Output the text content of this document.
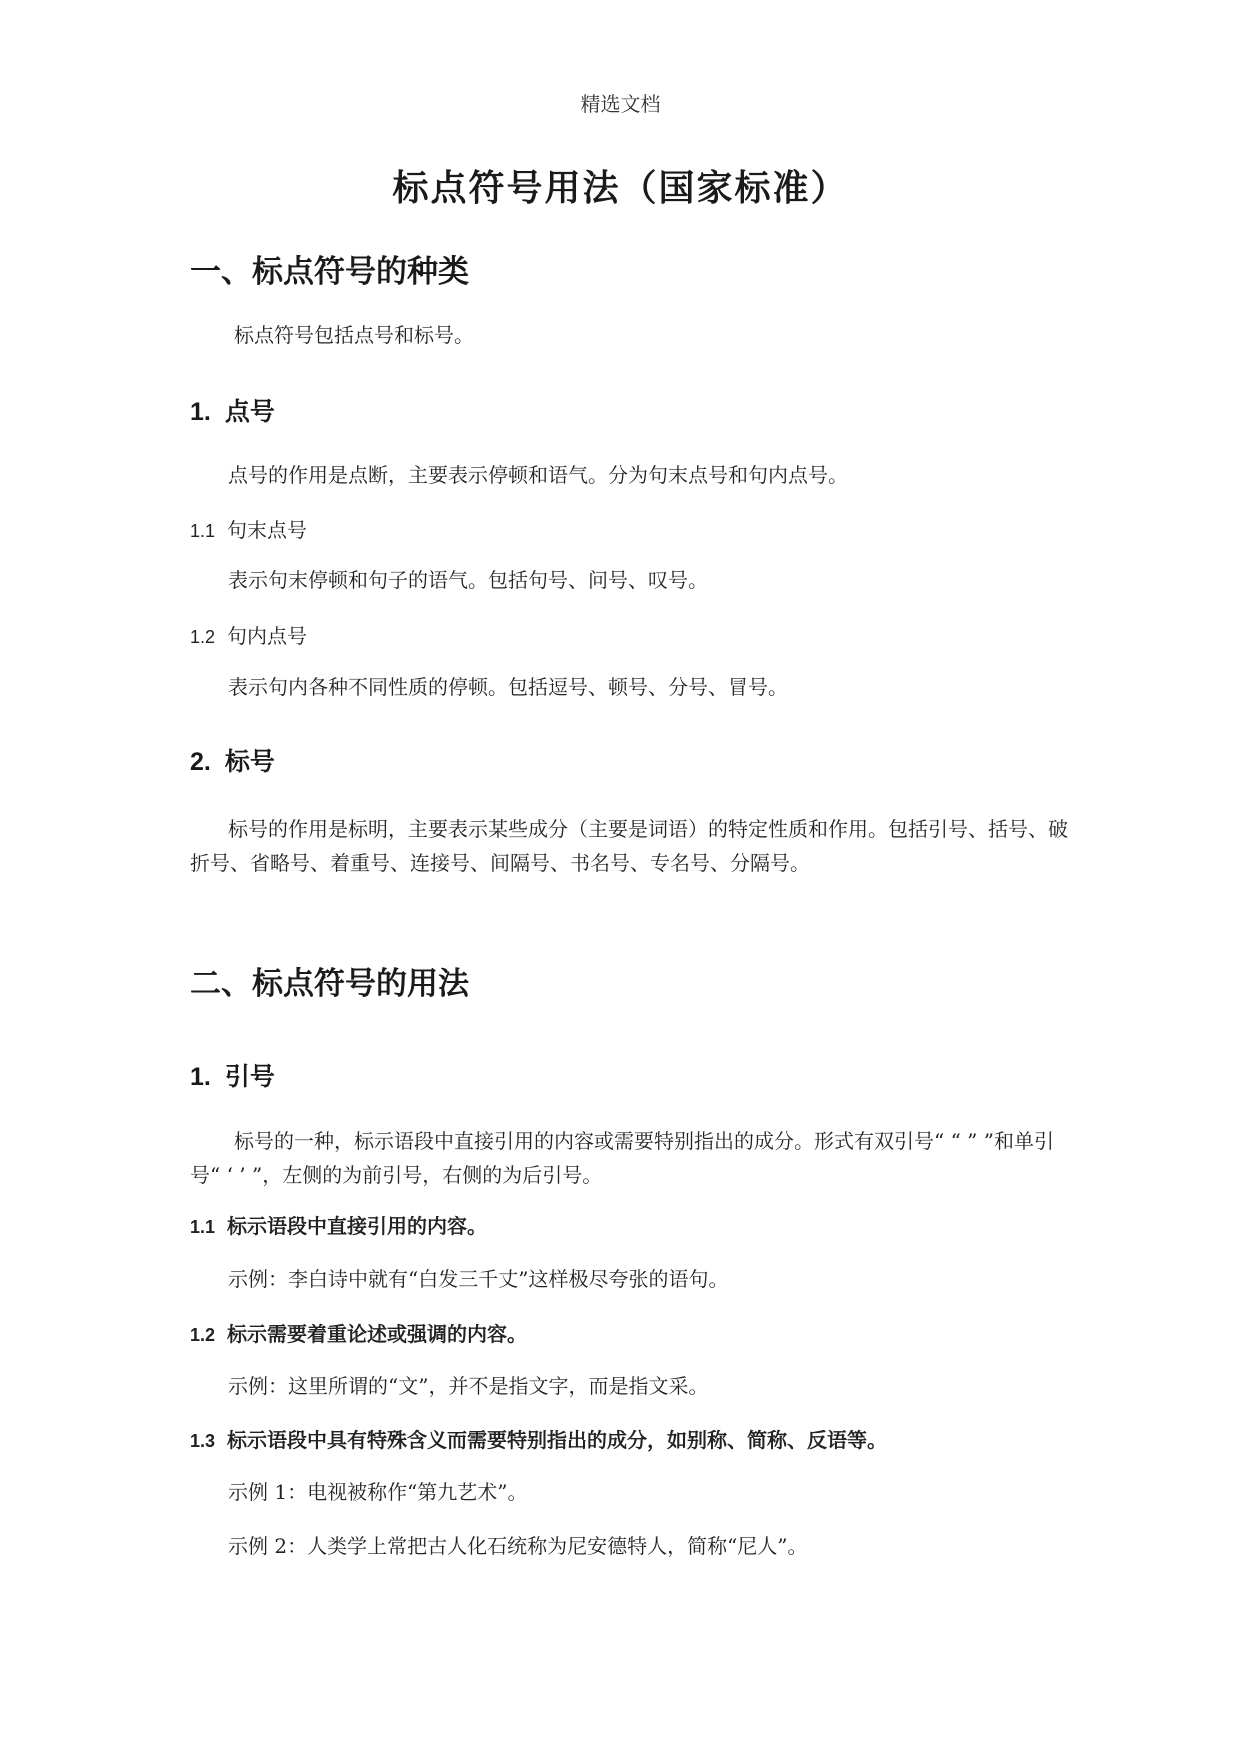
精选文档
标点符号用法（国家标准）
一、标点符号的种类
标点符号包括点号和标号。
1. 点号
点号的作用是点断，主要表示停顿和语气。分为句末点号和句内点号。
1.1 句末点号
表示句末停顿和句子的语气。包括句号、问号、叹号。
1.2 句内点号
表示句内各种不同性质的停顿。包括逗号、顿号、分号、冒号。
2. 标号
标号的作用是标明，主要表示某些成分（主要是词语）的特定性质和作用。包括引号、括号、破折号、省略号、着重号、连接号、间隔号、书名号、专名号、分隔号。
二、标点符号的用法
1. 引号
标号的一种，标示语段中直接引用的内容或需要特别指出的成分。形式有双引号“ “ ” ”和单引号“ ‘ ’ ”，左侧的为前引号，右侧的为后引号。
1.1 标示语段中直接引用的内容。
示例：李白诗中就有“白发三千丈”这样极尽夸张的语句。
1.2 标示需要着重论述或强调的内容。
示例：这里所谓的“文”，并不是指文字，而是指文采。
1.3 标示语段中具有特殊含义而需要特别指出的成分，如别称、简称、反语等。
示例 1：电视被称作“第九艺术”。
示例 2：人类学上常把古人化石统称为尼安德特人，简称“尼人”。
